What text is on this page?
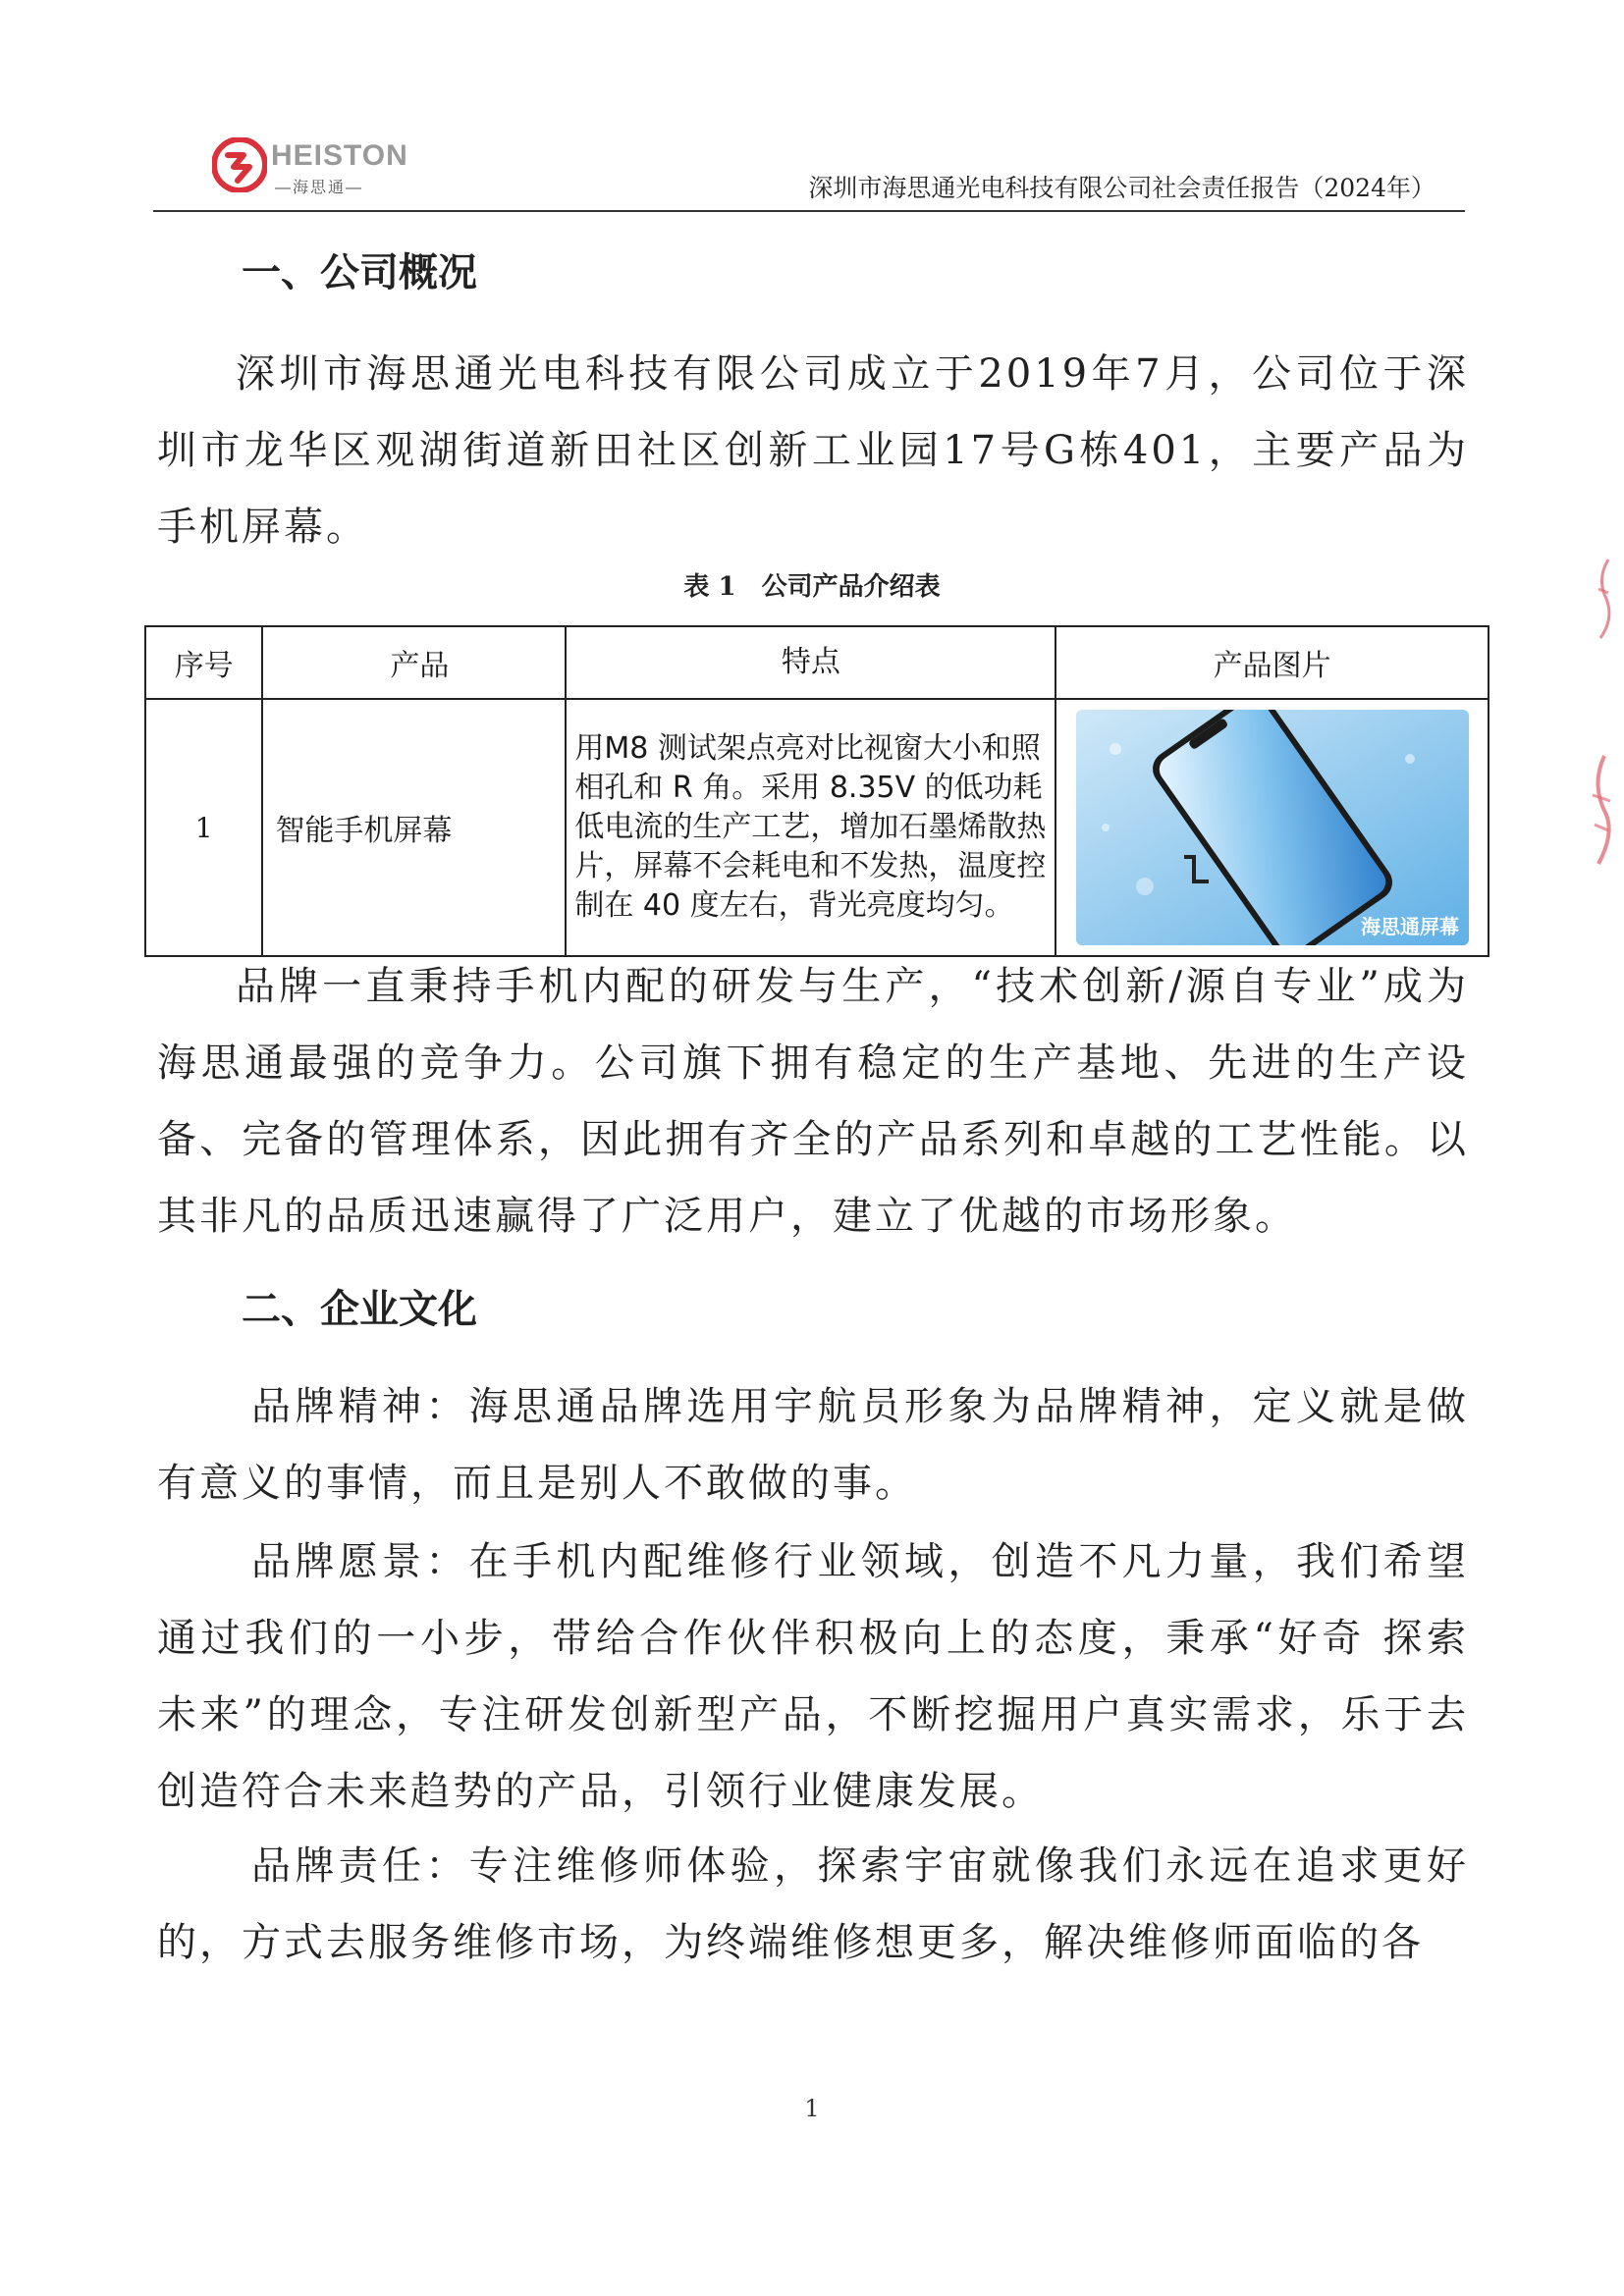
HEISTON
—海思通—	深圳市海思通光电科技有限公司社会责任报告（2024年）
一、公司概况
深圳市海思通光电科技有限公司成立于2019年7月，公司位于深圳市龙华区观湖街道新田社区创新工业园17号G栋401，主要产品为手机屏幕。
表 1　公司产品介绍表
序号	产品	特点	产品图片
1	智能手机屏幕	用M8 测试架点亮对比视窗大小和照相孔和 R 角。采用 8.35V 的低功耗低电流的生产工艺，增加石墨烯散热片，屏幕不会耗电和不发热，温度控制在 40 度左右，背光亮度均匀。	海思通屏幕
品牌一直秉持手机内配的研发与生产，“技术创新/源自专业”成为海思通最强的竞争力。公司旗下拥有稳定的生产基地、先进的生产设备、完备的管理体系，因此拥有齐全的产品系列和卓越的工艺性能。以其非凡的品质迅速赢得了广泛用户，建立了优越的市场形象。
二、企业文化
品牌精神：海思通品牌选用宇航员形象为品牌精神，定义就是做有意义的事情，而且是别人不敢做的事。
品牌愿景：在手机内配维修行业领域，创造不凡力量，我们希望通过我们的一小步，带给合作伙伴积极向上的态度，秉承“好奇 探索 未来”的理念，专注研发创新型产品，不断挖掘用户真实需求，乐于去创造符合未来趋势的产品，引领行业健康发展。
品牌责任：专注维修师体验，探索宇宙就像我们永远在追求更好的，方式去服务维修市场，为终端维修想更多，解决维修师面临的各
1
